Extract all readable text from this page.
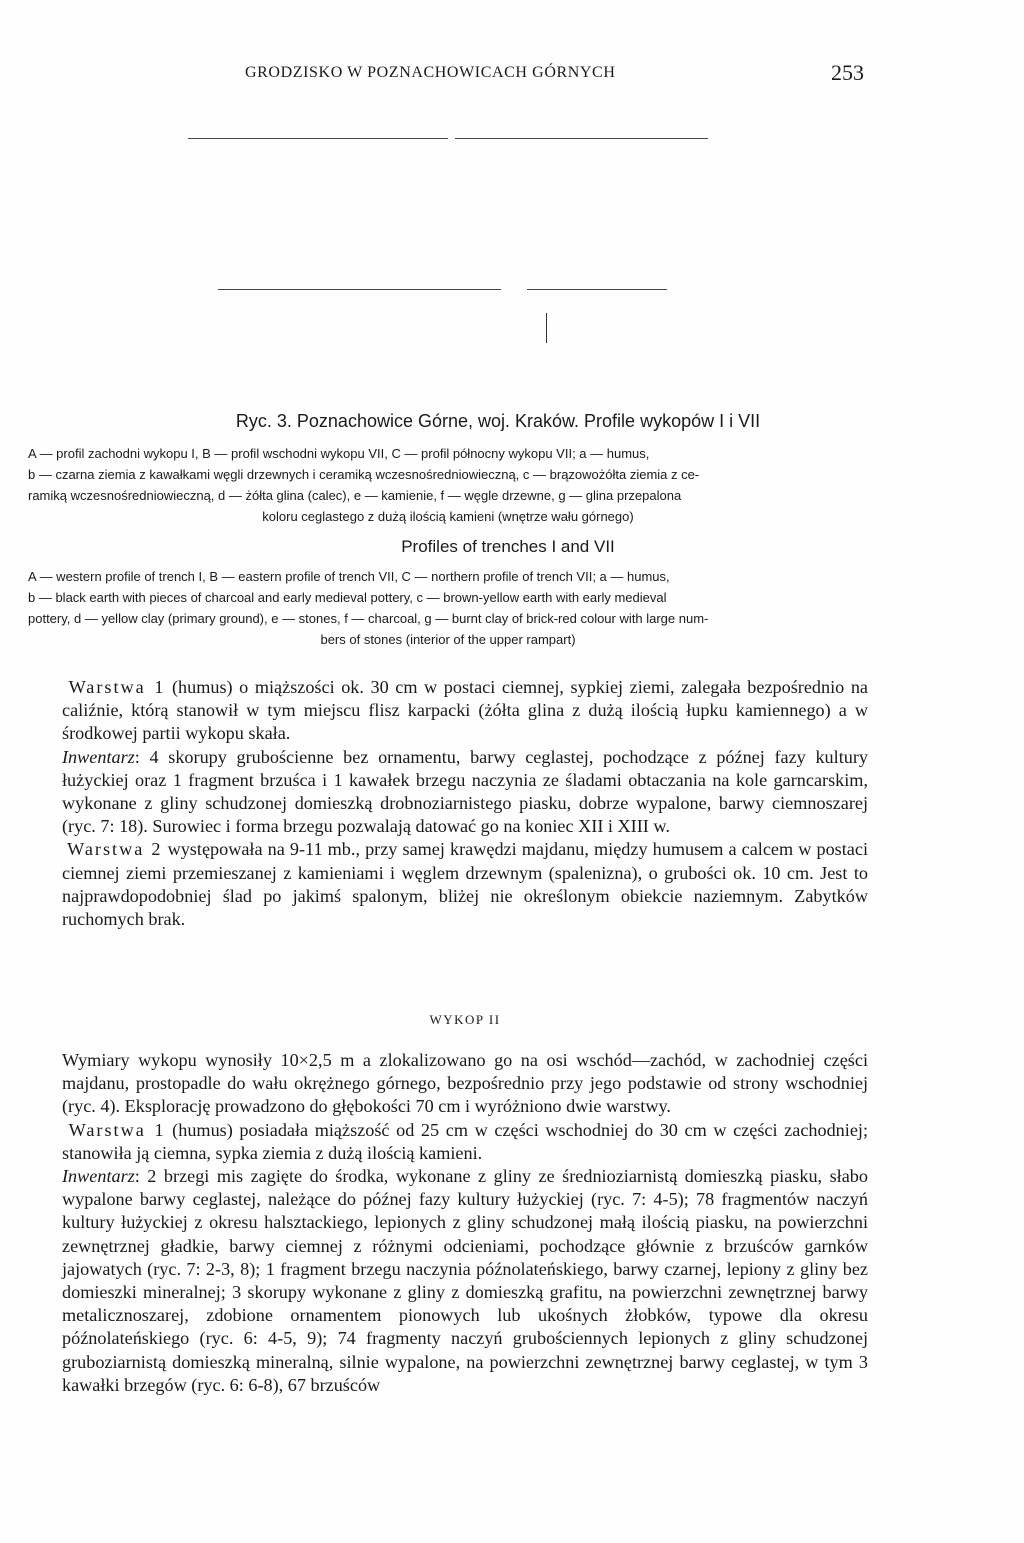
GRODZISKO W POZNACHOWICACH GÓRNYCH	253
Ryc. 3. Poznachowice Górne, woj. Kraków. Profile wykopów I i VII
A — profil zachodni wykopu I, B — profil wschodni wykopu VII, C — profil północny wykopu VII; a — humus,
b — czarna ziemia z kawałkami węgli drzewnych i ceramiką wczesnośredniowieczną, c — brązowożółta ziemia z ce-
ramiką wczesnośredniowieczną, d — żółta glina (calec), e — kamienie, f — węgle drzewne, g — glina przepalona
koloru ceglastego z dużą ilością kamieni (wnętrze wału górnego)
Profiles of trenches I and VII
A — western profile of trench I, B — eastern profile of trench VII, C — northern profile of trench VII; a — humus,
b — black earth with pieces of charcoal and early medieval pottery, c — brown-yellow earth with early medieval
pottery, d — yellow clay (primary ground), e — stones, f — charcoal, g — burnt clay of brick-red colour with large num-
bers of stones (interior of the upper rampart)

Warstwa 1 (humus) o miąższości ok. 30 cm w postaci ciemnej, sypkiej ziemi, zalegała bezpośrednio na caliźnie, którą stanowił w tym miejscu flisz karpacki (żółta glina z dużą ilością łupku kamiennego) a w środkowej partii wykopu skała.

Inwentarz: 4 skorupy grubościenne bez ornamentu, barwy ceglastej, pochodzące z późnej fazy kultury łużyckiej oraz 1 fragment brzuśca i 1 kawałek brzegu naczynia ze śladami obtaczania na kole garncarskim, wykonane z gliny schudzonej domieszką drobnoziarnistego piasku, dobrze wypalone, barwy ciemnoszarej (ryc. 7: 18). Surowiec i forma brzegu pozwalają datować go na koniec XII i XIII w.

Warstwa 2 występowała na 9-11 mb., przy samej krawędzi majdanu, między humusem a calcem w postaci ciemnej ziemi przemieszanej z kamieniami i węglem drzewnym (spalenizna), o grubości ok. 10 cm. Jest to najprawdopodobniej ślad po jakimś spalonym, bliżej nie określonym obiekcie naziemnym. Zabytków ruchomych brak.

WYKOP II

Wymiary wykopu wynosiły 10×2,5 m a zlokalizowano go na osi wschód—zachód, w zachodniej części majdanu, prostopadle do wału okrężnego górnego, bezpośrednio przy jego podstawie od strony wschodniej (ryc. 4). Eksplorację prowadzono do głębokości 70 cm i wyróżniono dwie warstwy.

Warstwa 1 (humus) posiadała miąższość od 25 cm w części wschodniej do 30 cm w części zachodniej; stanowiła ją ciemna, sypka ziemia z dużą ilością kamieni.

Inwentarz: 2 brzegi mis zagięte do środka, wykonane z gliny ze średnioziarnistą domieszką piasku, słabo wypalone barwy ceglastej, należące do późnej fazy kultury łużyckiej (ryc. 7: 4-5); 78 fragmentów naczyń kultury łużyckiej z okresu halsztackiego, lepionych z gliny schudzonej małą ilością piasku, na powierzchni zewnętrznej gładkie, barwy ciemnej z różnymi odcieniami, pochodzące głównie z brzuśców garnków jajowatych (ryc. 7: 2-3, 8); 1 fragment brzegu naczynia późnolateńskiego, barwy czarnej, lepiony z gliny bez domieszki mineralnej; 3 skorupy wykonane z gliny z domieszką grafitu, na powierzchni zewnętrznej barwy metalicznoszarej, zdobione ornamentem pionowych lub ukośnych żłobków, typowe dla okresu późnolateńskiego (ryc. 6: 4-5, 9); 74 fragmenty naczyń grubościennych lepionych z gliny schudzonej gruboziarnistą domieszką mineralną, silnie wypalone, na powierzchni zewnętrznej barwy ceglastej, w tym 3 kawałki brzegów (ryc. 6: 6-8), 67 brzuśców
